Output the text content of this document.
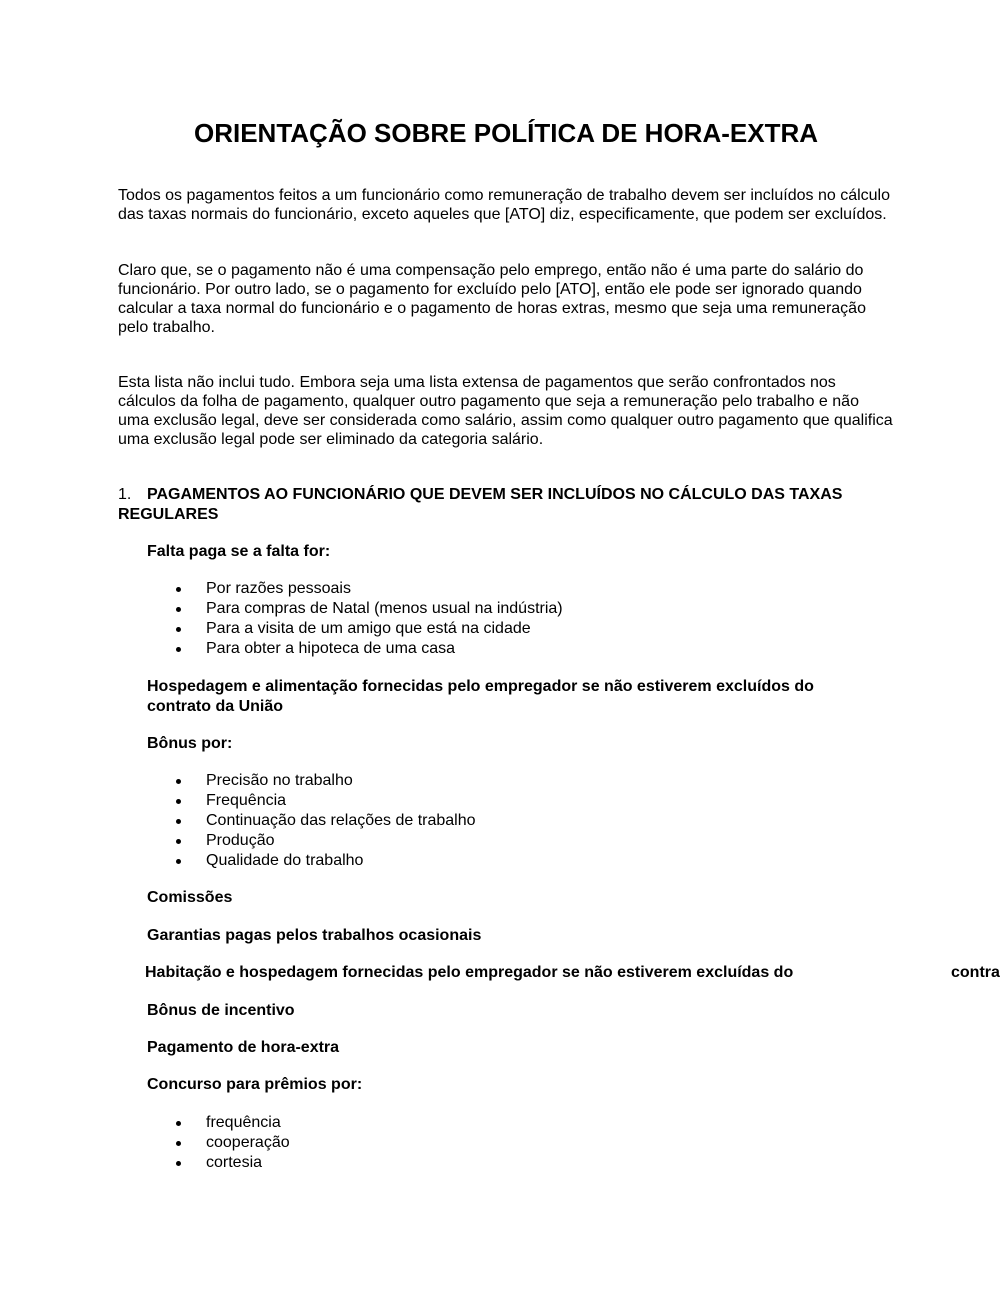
ORIENTAÇÃO SOBRE POLÍTICA DE HORA-EXTRA

Todos os pagamentos feitos a um funcionário como remuneração de trabalho devem ser incluídos no cálculo das taxas normais do funcionário, exceto aqueles que [ATO] diz, especificamente, que podem ser excluídos.

Claro que, se o pagamento não é uma compensação pelo emprego, então não é uma parte do salário do funcionário. Por outro lado, se o pagamento for excluído pelo [ATO], então ele pode ser ignorado quando calcular a taxa normal do funcionário e o pagamento de horas extras, mesmo que seja uma remuneração pelo trabalho.

Esta lista não inclui tudo. Embora seja uma lista extensa de pagamentos que serão confrontados nos cálculos da folha de pagamento, qualquer outro pagamento que seja a remuneração pelo trabalho e não uma exclusão legal, deve ser considerada como salário, assim como qualquer outro pagamento que qualifica uma exclusão legal pode ser eliminado da categoria salário.

1. PAGAMENTOS AO FUNCIONÁRIO QUE DEVEM SER INCLUÍDOS NO CÁLCULO DAS TAXAS REGULARES

Falta paga se a falta for:

Por razões pessoais
Para compras de Natal (menos usual na indústria)
Para a visita de um amigo que está na cidade
Para obter a hipoteca de uma casa

Hospedagem e alimentação fornecidas pelo empregador se não estiverem excluídos do contrato da União

Bônus por:

Precisão no trabalho
Frequência
Continuação das relações de trabalho
Produção
Qualidade do trabalho

Comissões

Garantias pagas pelos trabalhos ocasionais

Habitação e hospedagem fornecidas pelo empregador se não estiverem excluídas do	contra

Bônus de incentivo

Pagamento de hora-extra

Concurso para prêmios por:

frequência
cooperação
cortesia
